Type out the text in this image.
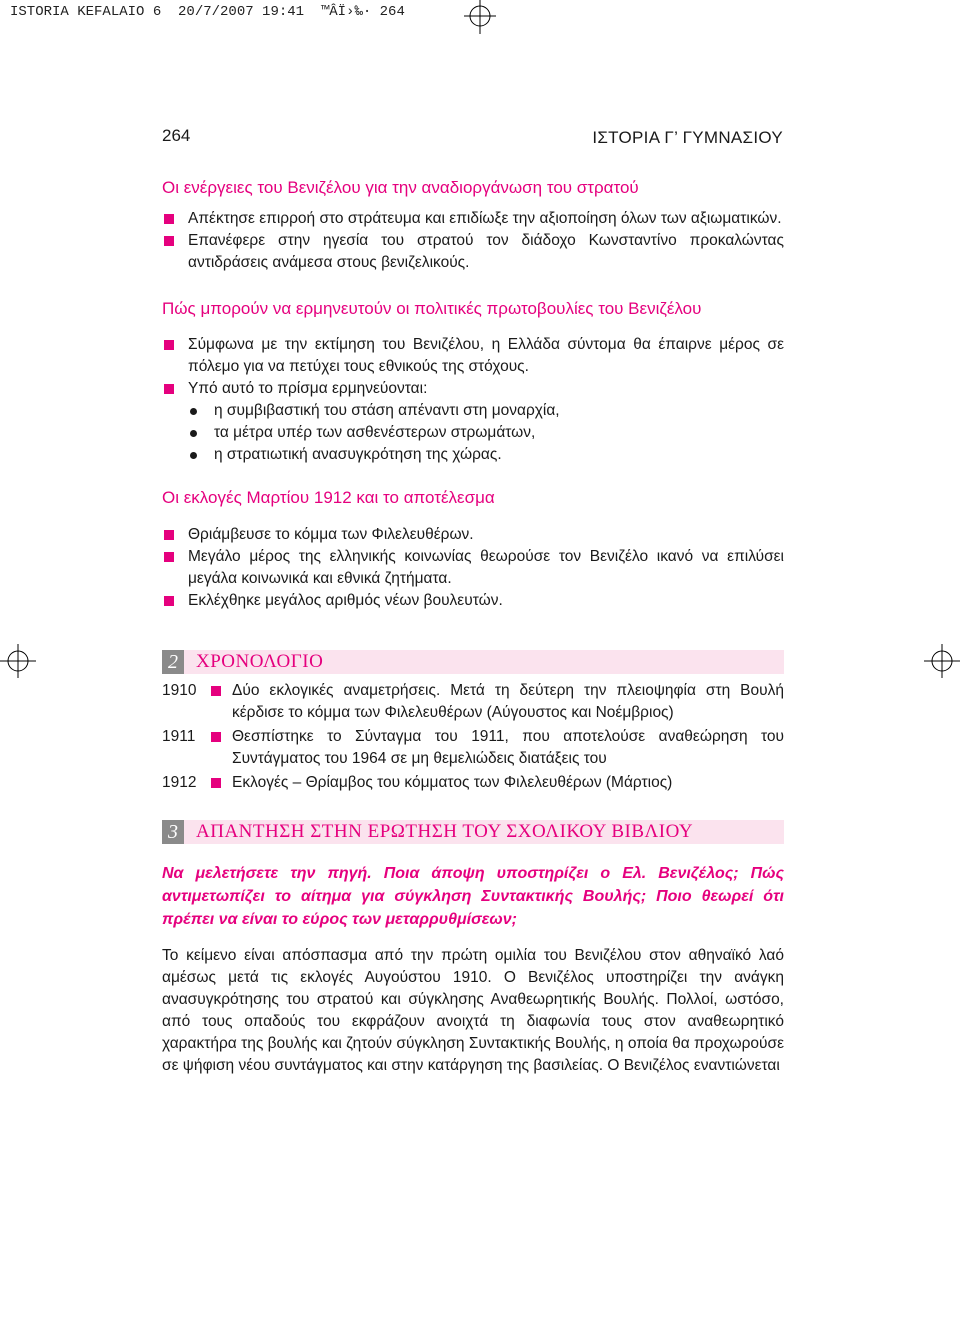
ISTORIA KEFALAIO 6  20/7/2007 19:41  ™ÂÏ›‰· 264
264	ΙΣΤΟΡΙΑ Γ’ ΓΥΜΝΑΣΙΟΥ
Οι ενέργειες του Βενιζέλου για την αναδιοργάνωση του στρατού
Απέκτησε επιρροή στο στράτευμα και επιδίωξε την αξιοποίηση όλων των αξιωματικών.
Επανέφερε στην ηγεσία του στρατού τον διάδοχο Κωνσταντίνο προκαλώντας αντιδράσεις ανάμεσα στους βενιζελικούς.
Πώς μπορούν να ερμηνευτούν οι πολιτικές πρωτοβουλίες του Βενιζέλου
Σύμφωνα με την εκτίμηση του Βενιζέλου, η Ελλάδα σύντομα θα έπαιρνε μέρος σε πόλεμο για να πετύχει τους εθνικούς της στόχους.
Υπό αυτό το πρίσμα ερμηνεύονται:
η συμβιβαστική του στάση απέναντι στη μοναρχία,
τα μέτρα υπέρ των ασθενέστερων στρωμάτων,
η στρατιωτική ανασυγκρότηση της χώρας.
Οι εκλογές Μαρτίου 1912 και το αποτέλεσμα
Θριάμβευσε το κόμμα των Φιλελευθέρων.
Μεγάλο μέρος της ελληνικής κοινωνίας θεωρούσε τον Βενιζέλο ικανό να επιλύσει μεγάλα κοινωνικά και εθνικά ζητήματα.
Εκλέχθηκε μεγάλος αριθμός νέων βουλευτών.
2 ΧΡΟΝΟΛΟΓΙΟ
1910	Δύο εκλογικές αναμετρήσεις. Μετά τη δεύτερη την πλειοψηφία στη Βουλή κέρδισε το κόμμα των Φιλελευθέρων (Αύγουστος και Νοέμβριος)
1911	Θεσπίστηκε το Σύνταγμα του 1911, που αποτελούσε αναθεώρηση του Συντάγματος του 1964 σε μη θεμελιώδεις διατάξεις του
1912	Εκλογές – Θρίαμβος του κόμματος των Φιλελευθέρων (Μάρτιος)
3 ΑΠΑΝΤΗΣΗ ΣΤΗΝ ΕΡΩΤΗΣΗ ΤΟΥ ΣΧΟΛΙΚΟΥ ΒΙΒΛΙΟΥ

Να μελετήσετε την πηγή. Ποια άποψη υποστηρίζει ο Ελ. Βενιζέλος; Πώς αντιμετωπίζει το αίτημα για σύγκληση Συντακτικής Βουλής; Ποιο θεωρεί ότι πρέπει να είναι το εύρος των μεταρρυθμίσεων;

Το κείμενο είναι απόσπασμα από την πρώτη ομιλία του Βενιζέλου στον αθηναϊκό λαό αμέσως μετά τις εκλογές Αυγούστου 1910. Ο Βενιζέλος υποστηρίζει την ανάγκη ανασυγκρότησης του στρατού και σύγκλησης Αναθεωρητικής Βουλής. Πολλοί, ωστόσο, από τους οπαδούς του εκφράζουν ανοιχτά τη διαφωνία τους στον αναθεωρητικό χαρακτήρα της βουλής και ζητούν σύγκληση Συντακτικής Βουλής, η οποία θα προχωρούσε σε ψήφιση νέου συντάγματος και στην κατάργηση της βασιλείας. Ο Βενιζέλος εναντιώνεται
